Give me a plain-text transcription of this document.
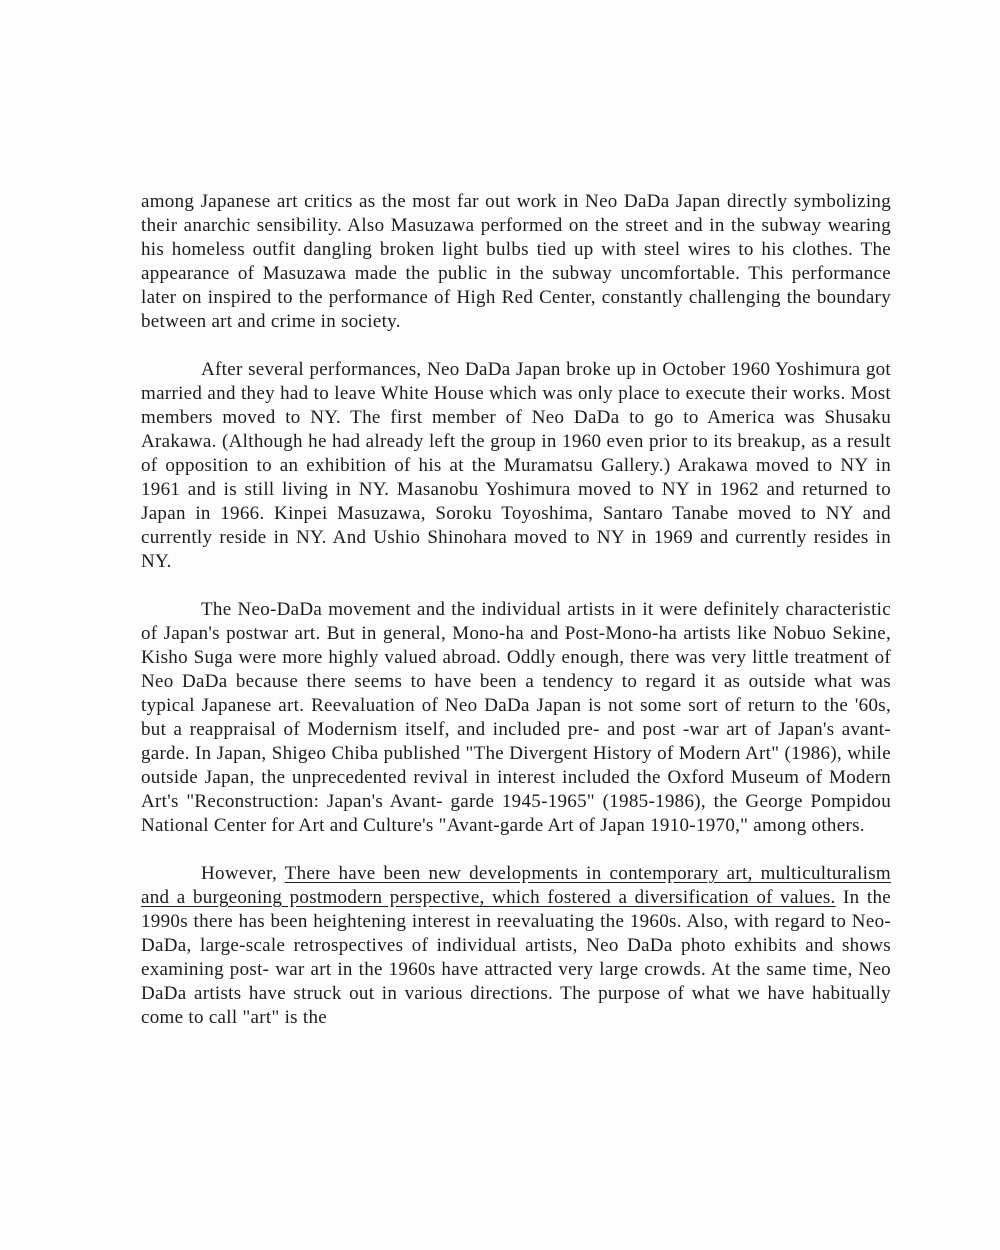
among Japanese art critics as the most far out work in Neo DaDa Japan directly symbolizing their anarchic sensibility. Also Masuzawa performed on the street and in the subway wearing his homeless outfit dangling broken light bulbs tied up with steel wires to his clothes. The appearance of Masuzawa made the public in the subway uncomfortable. This performance later on inspired to the performance of High Red Center, constantly challenging the boundary between art and crime in society.

After several performances, Neo DaDa Japan broke up in October 1960 Yoshimura got married and they had to leave White House which was only place to execute their works. Most members moved to NY. The first member of Neo DaDa to go to America was Shusaku Arakawa. (Although he had already left the group in 1960 even prior to its breakup, as a result of opposition to an exhibition of his at the Muramatsu Gallery.) Arakawa moved to NY in 1961 and is still living in NY. Masanobu Yoshimura moved to NY in 1962 and returned to Japan in 1966. Kinpei Masuzawa, Soroku Toyoshima, Santaro Tanabe moved to NY and currently reside in NY. And Ushio Shinohara moved to NY in 1969 and currently resides in NY.

The Neo-DaDa movement and the individual artists in it were definitely characteristic of Japan's postwar art. But in general, Mono-ha and Post-Mono-ha artists like Nobuo Sekine, Kisho Suga were more highly valued abroad. Oddly enough, there was very little treatment of Neo DaDa because there seems to have been a tendency to regard it as outside what was typical Japanese art. Reevaluation of Neo DaDa Japan is not some sort of return to the '60s, but a reappraisal of Modernism itself, and included pre- and post -war art of Japan's avant-garde. In Japan, Shigeo Chiba published "The Divergent History of Modern Art" (1986), while outside Japan, the unprecedented revival in interest included the Oxford Museum of Modern Art's "Reconstruction: Japan's Avant- garde 1945-1965" (1985-1986), the George Pompidou National Center for Art and Culture's "Avant-garde Art of Japan 1910-1970," among others.

However, There have been new developments in contemporary art, multiculturalism and a burgeoning postmodern perspective, which fostered a diversification of values. In the 1990s there has been heightening interest in reevaluating the 1960s. Also, with regard to Neo-DaDa, large-scale retrospectives of individual artists, Neo DaDa photo exhibits and shows examining post- war art in the 1960s have attracted very large crowds. At the same time, Neo DaDa artists have struck out in various directions. The purpose of what we have habitually come to call "art" is the
